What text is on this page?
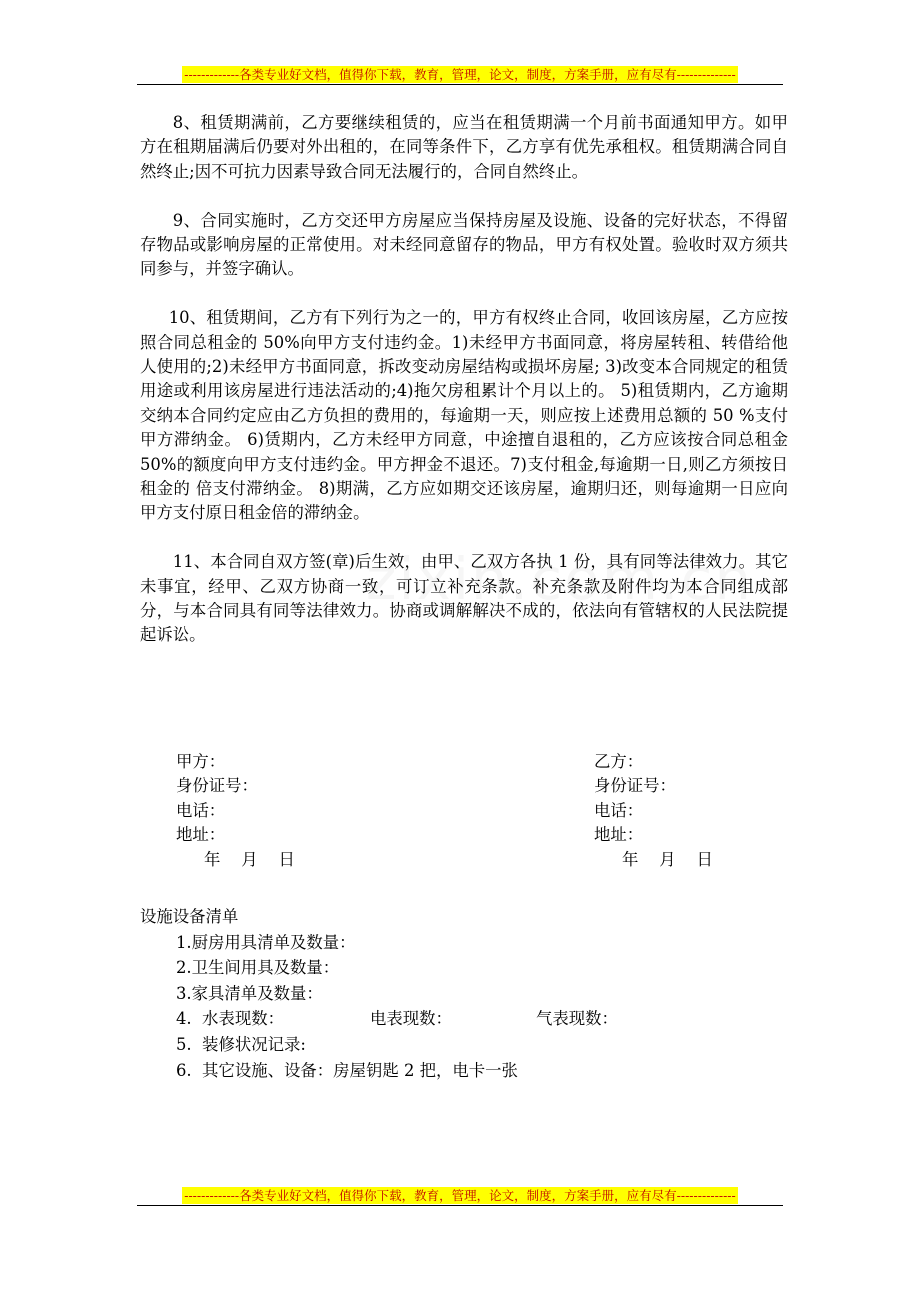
-------------各类专业好文档，值得你下载，教育，管理，论文，制度，方案手册，应有尽有--------------

8、租赁期满前，乙方要继续租赁的，应当在租赁期满一个月前书面通知甲方。如甲方在租期届满后仍要对外出租的，在同等条件下，乙方享有优先承租权。租赁期满合同自然终止;因不可抗力因素导致合同无法履行的，合同自然终止。

9、合同实施时，乙方交还甲方房屋应当保持房屋及设施、设备的完好状态，不得留存物品或影响房屋的正常使用。对未经同意留存的物品，甲方有权处置。验收时双方须共同参与，并签字确认。

10、租赁期间，乙方有下列行为之一的，甲方有权终止合同，收回该房屋，乙方应按照合同总租金的 50%向甲方支付违约金。1)未经甲方书面同意，将房屋转租、转借给他人使用的;2)未经甲方书面同意，拆改变动房屋结构或损坏房屋; 3)改变本合同规定的租赁用途或利用该房屋进行违法活动的;4)拖欠房租累计个月以上的。 5)租赁期内，乙方逾期交纳本合同约定应由乙方负担的费用的，每逾期一天，则应按上述费用总额的 50 %支付甲方滞纳金。 6)赁期内，乙方未经甲方同意，中途擅自退租的，乙方应该按合同总租金 50%的额度向甲方支付违约金。甲方押金不退还。7)支付租金,每逾期一日,则乙方须按日租金的 倍支付滞纳金。 8)期满，乙方应如期交还该房屋，逾期归还，则每逾期一日应向甲方支付原日租金倍的滞纳金。

11、本合同自双方签(章)后生效，由甲、乙双方各执 1 份，具有同等法律效力。其它未事宜，经甲、乙双方协商一致，可订立补充条款。补充条款及附件均为本合同组成部分，与本合同具有同等法律效力。协商或调解解决不成的，依法向有管辖权的人民法院提起诉讼。

甲方：
身份证号：
电话：
地址：
年    月    日
乙方：
身份证号：
电话：
地址：
年    月    日
设施设备清单
1.厨房用具清单及数量：
2.卫生间用具及数量：
3.家具清单及数量：
4.  水表现数：	电表现数：	气表现数：
5.  装修状况记录:
6.  其它设施、设备：房屋钥匙 2 把，电卡一张
-------------各类专业好文档，值得你下载，教育，管理，论文，制度，方案手册，应有尽有--------------
